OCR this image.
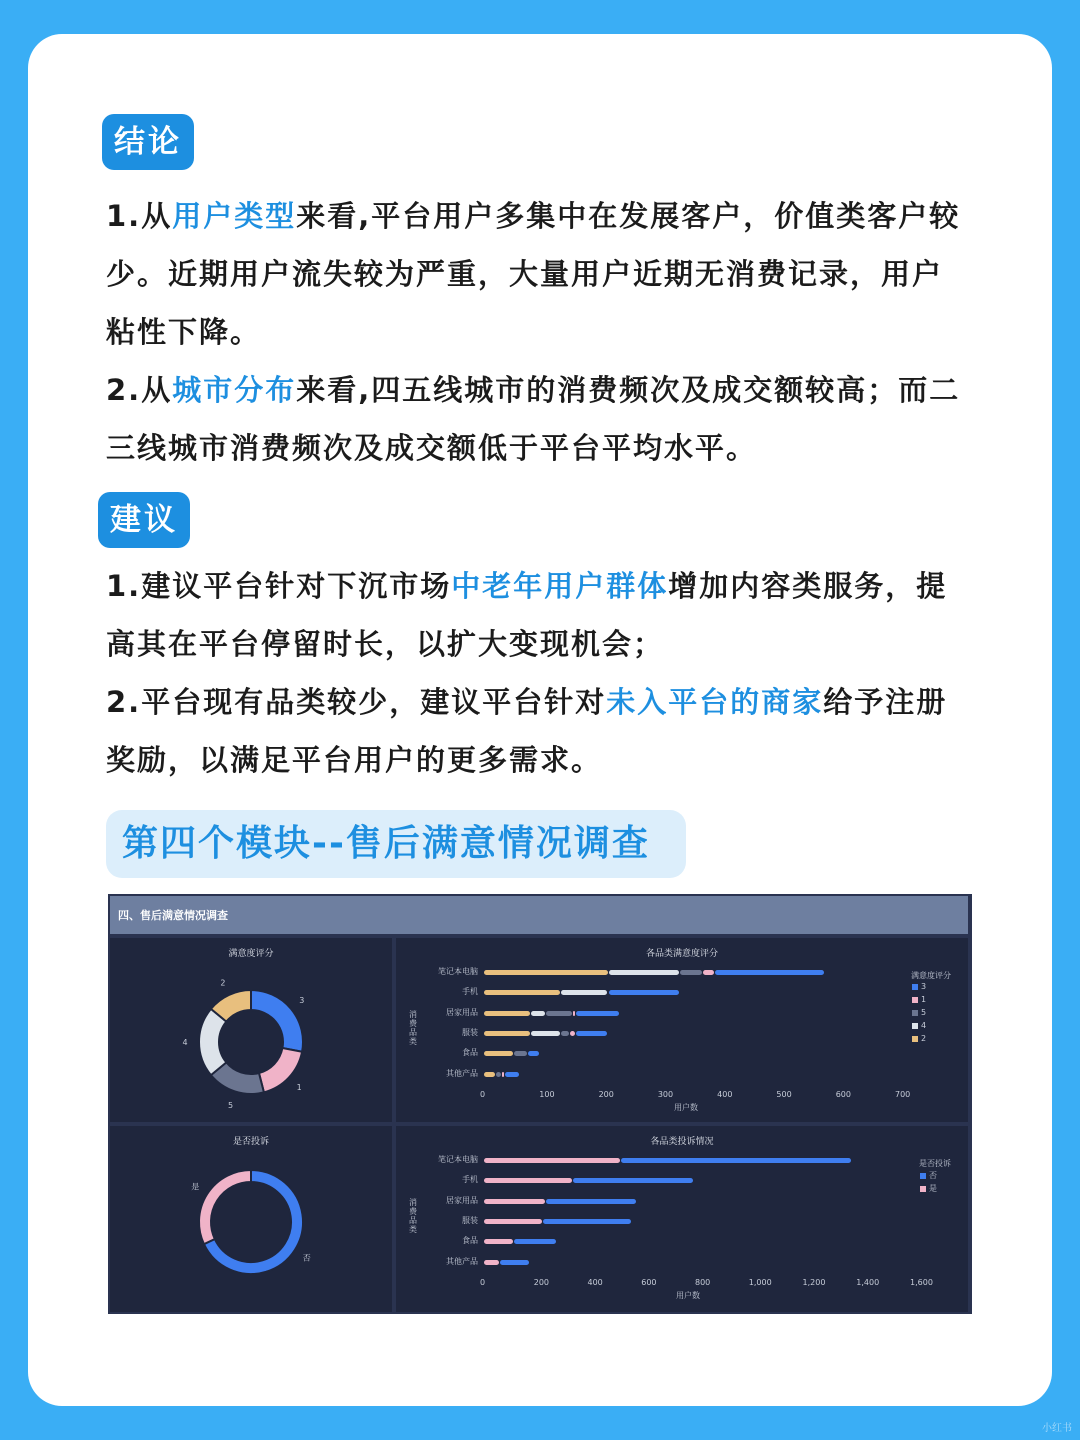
结论

1.从用户类型来看,平台用户多集中在发展客户，价值类客户较少。近期用户流失较为严重，大量用户近期无消费记录，用户粘性下降。

2.从城市分布来看,四五线城市的消费频次及成交额较高；而二三线城市消费频次及成交额低于平台平均水平。

建议

1.建议平台针对下沉市场中老年用户群体增加内容类服务，提高其在平台停留时长，以扩大变现机会；

2.平台现有品类较少，建议平台针对未入平台的商家给予注册奖励，以满足平台用户的更多需求。

第四个模块--售后满意情况调查
四、售后满意情况调查
满意度评分
3
1
5
4
2
各品类满意度评分
消费品类
笔记本电脑
手机
居家用品
服装
食品
其他产品
0	100	200	300	400	500	600	700
用户数
满意度评分
3
1
5
4
2
是否投诉
否
是
各品类投诉情况
消费品类
笔记本电脑
手机
居家用品
服装
食品
其他产品
0	200	400	600	800	1,000	1,200	1,400	1,600
用户数
是否投诉
否
是
小红书
